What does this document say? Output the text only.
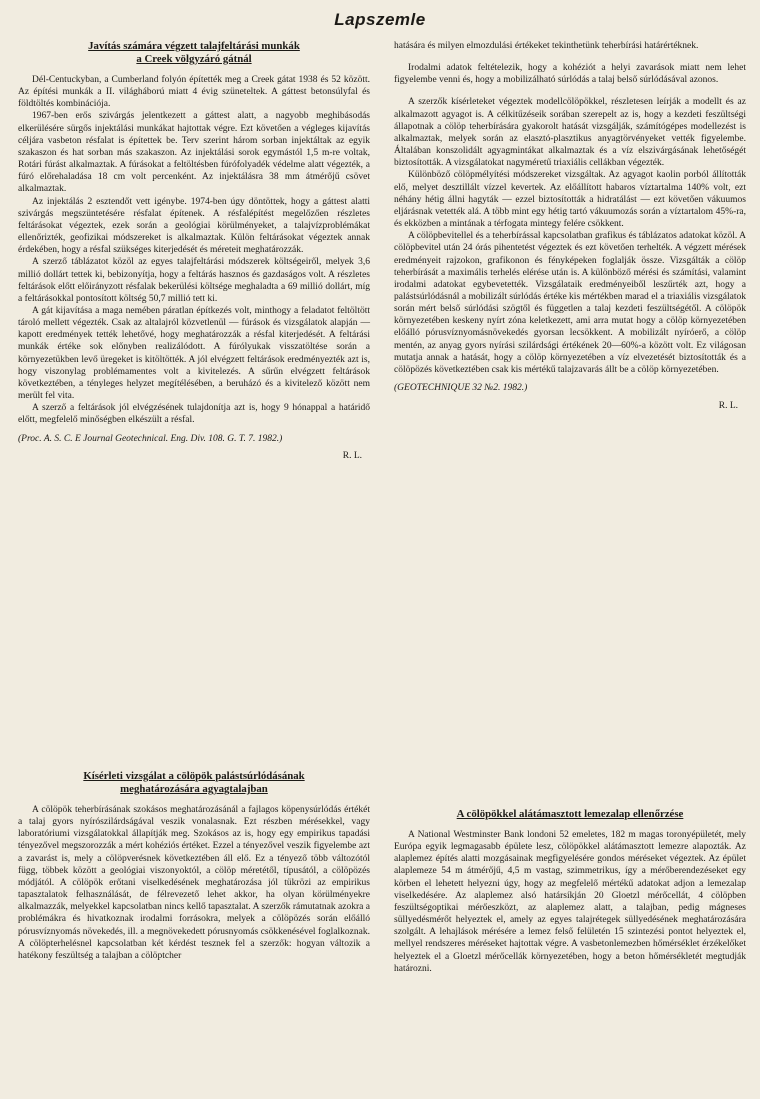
Lapszemle
Javítás számára végzett talajfeltárási munkák
a Creek völgyzáró gátnál

Dél-Centuckyban, a Cumberland folyón építették meg a Creek gátat 1938 és 52 között. Az építési munkák a II. világháború miatt 4 évig szüneteltek. A gáttest betonsúlyfal és földtöltés kombinációja.

1967-ben erős szivárgás jelentkezett a gáttest alatt, a nagyobb meghibásodás elkerülésére sürgős injektálási munkákat hajtottak végre. Ezt követően a végleges kijavítás céljára vasbeton résfalat is építettek be. Terv szerint három sorban injektáltak az egyik szakaszon és hat sorban más szakaszon. Az injektálási sorok egymástól 1,5 m-re voltak, Rotári fúrást alkalmaztak. A fúrásokat a feltöltésben fúrófolyadék védelme alatt végezték, a fúró előrehaladása 18 cm volt percenként. Az injektálásra 38 mm átmérőjű csövet alkalmaztak.

Az injektálás 2 esztendőt vett igénybe. 1974-ben úgy döntöttek, hogy a gáttest alatti szivárgás megszüntetésére résfalat építenek. A résfalépítést megelőzően részletes feltárásokat végeztek, ezek során a geológiai körülményeket, a talajvízproblémákat ellenőrizték, geofizikai módszereket is alkalmaztak. Külön feltárásokat végeztek annak érdekében, hogy a résfal szükséges kiterjedését és méreteit meghatározzák.

A szerző táblázatot közöl az egyes talajfeltárási módszerek költségeiről, melyek 3,6 millió dollárt tettek ki, bebizonyítja, hogy a feltárás hasznos és gazdaságos volt. A részletes feltárások előtt előirányzott résfalak bekerülési költsége meghaladta a 69 millió dollárt, míg a feltárásokkal pontosított költség 50,7 millió tett ki.

A gát kijavítása a maga nemében páratlan építkezés volt, minthogy a feladatot feltöltött tároló mellett végezték. Csak az altalajról közvetlenül — fúrások és vizsgálatok alapján — kapott eredmények tették lehetővé, hogy meghatározzák a résfal kiterjedését. A feltárási munkák értéke sok előnyben realizálódott. A fúrólyukak visszatöltése során a környezetükben levő üregeket is kitöltötték. A jól elvégzett feltárások eredményezték azt is, hogy viszonylag problémamentes volt a kivitelezés. A sűrűn elvégzett feltárások következtében, a tényleges helyzet megítélésében, a beruházó és a kivitelező között nem merült fel vita.

A szerző a feltárások jól elvégzésének tulajdonítja azt is, hogy 9 hónappal a határidő előtt, megfelelő minőségben elkészült a résfal.

(Proc. A. S. C. E Journal Geotechnical. Eng. Div. 108. G. T. 7. 1982.)
R. L.
Kísérleti vizsgálat a cölöpök palástsúrlódásának
meghatározására agyagtalajban

A cölöpök teherbírásának szokásos meghatározásánál a fajlagos köpenysúrlódás értékét a talaj gyors nyírószilárdságával veszik vonalasnak. Ezt részben mérésekkel, vagy laboratóriumi vizsgálatokkal állapítják meg. Szokásos az is, hogy egy empirikus tapadási tényezővel megszorozzák a mért kohéziós értéket. Ezzel a tényezővel veszik figyelembe azt a zavarást is, mely a cölöpverésnek következtében áll elő. Ez a tényező több változótól függ, többek között a geológiai viszonyoktól, a cölöp méretétől, típusától, a cölöpözés módjától. A cölöpök erőtani viselkedésének meghatározása jól tükrözi az empirikus tapasztalatok felhasználását, de félrevezető lehet akkor, ha olyan körülményekre alkalmazzák, melyekkel kapcsolatban nincs kellő tapasztalat. A szerzők rámutatnak azokra a problémákra és hivatkoznak irodalmi forrásokra, melyek a cölöpözés során előálló pórusvíznyomás növekedés, ill. a megnövekedett pórusnyomás csökkenésével foglalkoznak. A cölöpterhelésnel kapcsolatban két kérdést tesznek fel a szerzők: hogyan változik a hatékony feszültség a talajban a cölöptcher

hatására és milyen elmozdulási értékeket tekinthetünk teherbírási határértéknek.

Irodalmi adatok feltételezik, hogy a kohéziót a helyi zavarások miatt nem lehet figyelembe venni és, hogy a mobilizálható súrlódás a talaj belső súrlódásával azonos.

A szerzők kísérleteket végeztek modellcölöpökkel, részletesen leírják a modellt és az alkalmazott agyagot is. A célkitűzéseik sorában szerepelt az is, hogy a kezdeti feszültségi állapotnak a cölöp teherbírására gyakorolt hatását vizsgálják, számítógépes modellezést is alkalmaztak, melyek során az elasztó-plasztikus anyagtörvényeket vették figyelembe. Általában konszolidált agyagmintákat alkalmaztak és a víz elszivárgásának lehetőségét biztosították. A vizsgálatokat nagyméretű triaxiális cellákban végezték.

Különböző cölöpmélyítési módszereket vizsgáltak. Az agyagot kaolin porból állították elő, melyet desztillált vízzel kevertek. Az előállított habaros víztartalma 140% volt, ezt néhány hétig állni hagyták — ezzel biztosították a hidratálást — ezt követően vákuumos eljárásnak vetették alá. A több mint egy hétig tartó vákuumozás során a víztartalom 45%-ra, és ekközben a mintának a térfogata mintegy felére csökkent.

A cölöpbevitellel és a teherbírással kapcsolatban grafikus és táblázatos adatokat közöl. A cölöpbevitel után 24 órás pihentetést végeztek és ezt követően terhelték. A végzett mérések eredményeit rajzokon, grafikonon és fényképeken foglalják össze. Vizsgálták a cölöp teherbírását a maximális terhelés elérése után is. A különböző mérési és számítási, valamint irodalmi adatokat egybevetették. Vizsgálataik eredményeiből leszűrték azt, hogy a palástsúrlódásnál a mobilizált súrlódás értéke kis mértékben marad el a triaxiális vizsgálatok során mért belső súrlódási szögtől és független a talaj kezdeti feszültségétől. A cölöpök környezetében keskeny nyírt zóna keletkezett, ami arra mutat hogy a cölöp környezetében előálló pórusvíznyomásnövekedés gyorsan lecsökkent. A mobilizált nyíróerő, a cölöp mentén, az anyag gyors nyírási szilárdsági értékének 20—60%-a között volt. Ez világosan mutatja annak a hatását, hogy a cölöp környezetében a víz elvezetését biztosították és a cölöpözés következtében csak kis mértékű talajzavarás állt be a cölöp környezetében.

(GEOTECHNIQUE 32 №2. 1982.)
R. L.
A cölöpökkel alátámasztott lemezalap ellenőrzése

A National Westminster Bank londoni 52 emeletes, 182 m magas toronyépületét, mely Európa egyik legmagasabb épülete lesz, cölöpökkel alátámasztott lemezre alapozták. Az alaplemez építés alatti mozgásainak megfigyelésére gondos méréseket végeztek. Az épület alaplemeze 54 m átmérőjű, 4,5 m vastag, szimmetrikus, így a mérőberendezéseket egy körben el lehetett helyezni úgy, hogy az megfelelő mértékű adatokat adjon a lemezalap viselkedésére. Az alaplemez alsó határsíkján 20 Gloetzl mérőcellát, 4 cölöpben feszültségoptikai mérőeszközt, az alaplemez alatt, a talajban, pedig mágneses süllyedésmérőt helyeztek el, amely az egyes talajrétegek süllyedésének meghatározására szolgált. A lehajlások mérésére a lemez felső felületén 15 szintezési pontot helyeztek el, mellyel rendszeres méréseket hajtottak végre. A vasbetonlemezben hőmérséklet érzékelőket helyeztek el a Gloetzl mérőcellák környezetében, hogy a beton hőmérsékletét megtudják határozni.
